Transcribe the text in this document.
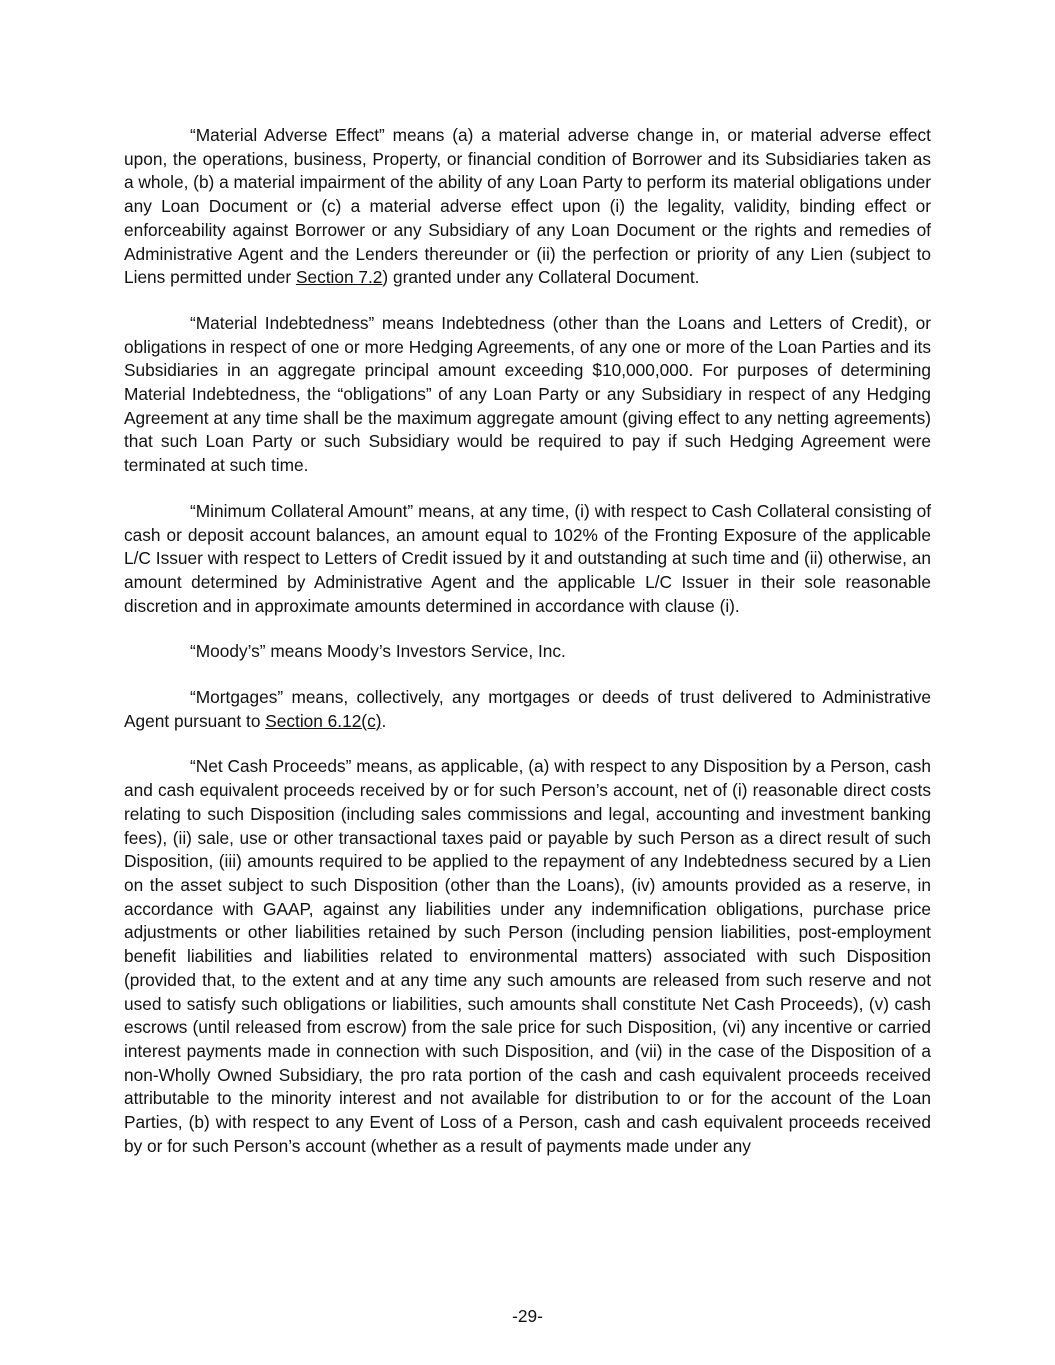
“Material Adverse Effect” means (a) a material adverse change in, or material adverse effect upon, the operations, business, Property, or financial condition of Borrower and its Subsidiaries taken as a whole, (b) a material impairment of the ability of any Loan Party to perform its material obligations under any Loan Document or (c) a material adverse effect upon (i) the legality, validity, binding effect or enforceability against Borrower or any Subsidiary of any Loan Document or the rights and remedies of Administrative Agent and the Lenders thereunder or (ii) the perfection or priority of any Lien (subject to Liens permitted under Section 7.2) granted under any Collateral Document.

“Material Indebtedness” means Indebtedness (other than the Loans and Letters of Credit), or obligations in respect of one or more Hedging Agreements, of any one or more of the Loan Parties and its Subsidiaries in an aggregate principal amount exceeding $10,000,000. For purposes of determining Material Indebtedness, the “obligations” of any Loan Party or any Subsidiary in respect of any Hedging Agreement at any time shall be the maximum aggregate amount (giving effect to any netting agreements) that such Loan Party or such Subsidiary would be required to pay if such Hedging Agreement were terminated at such time.

“Minimum Collateral Amount” means, at any time, (i) with respect to Cash Collateral consisting of cash or deposit account balances, an amount equal to 102% of the Fronting Exposure of the applicable L/C Issuer with respect to Letters of Credit issued by it and outstanding at such time and (ii) otherwise, an amount determined by Administrative Agent and the applicable L/C Issuer in their sole reasonable discretion and in approximate amounts determined in accordance with clause (i).

“Moody’s” means Moody’s Investors Service, Inc.

“Mortgages” means, collectively, any mortgages or deeds of trust delivered to Administrative Agent pursuant to Section 6.12(c).

“Net Cash Proceeds” means, as applicable, (a) with respect to any Disposition by a Person, cash and cash equivalent proceeds received by or for such Person’s account, net of (i) reasonable direct costs relating to such Disposition (including sales commissions and legal, accounting and investment banking fees), (ii) sale, use or other transactional taxes paid or payable by such Person as a direct result of such Disposition, (iii) amounts required to be applied to the repayment of any Indebtedness secured by a Lien on the asset subject to such Disposition (other than the Loans), (iv) amounts provided as a reserve, in accordance with GAAP, against any liabilities under any indemnification obligations, purchase price adjustments or other liabilities retained by such Person (including pension liabilities, post-employment benefit liabilities and liabilities related to environmental matters) associated with such Disposition (provided that, to the extent and at any time any such amounts are released from such reserve and not used to satisfy such obligations or liabilities, such amounts shall constitute Net Cash Proceeds), (v) cash escrows (until released from escrow) from the sale price for such Disposition, (vi) any incentive or carried interest payments made in connection with such Disposition, and (vii) in the case of the Disposition of a non-Wholly Owned Subsidiary, the pro rata portion of the cash and cash equivalent proceeds received attributable to the minority interest and not available for distribution to or for the account of the Loan Parties, (b) with respect to any Event of Loss of a Person, cash and cash equivalent proceeds received by or for such Person’s account (whether as a result of payments made under any

-29-
